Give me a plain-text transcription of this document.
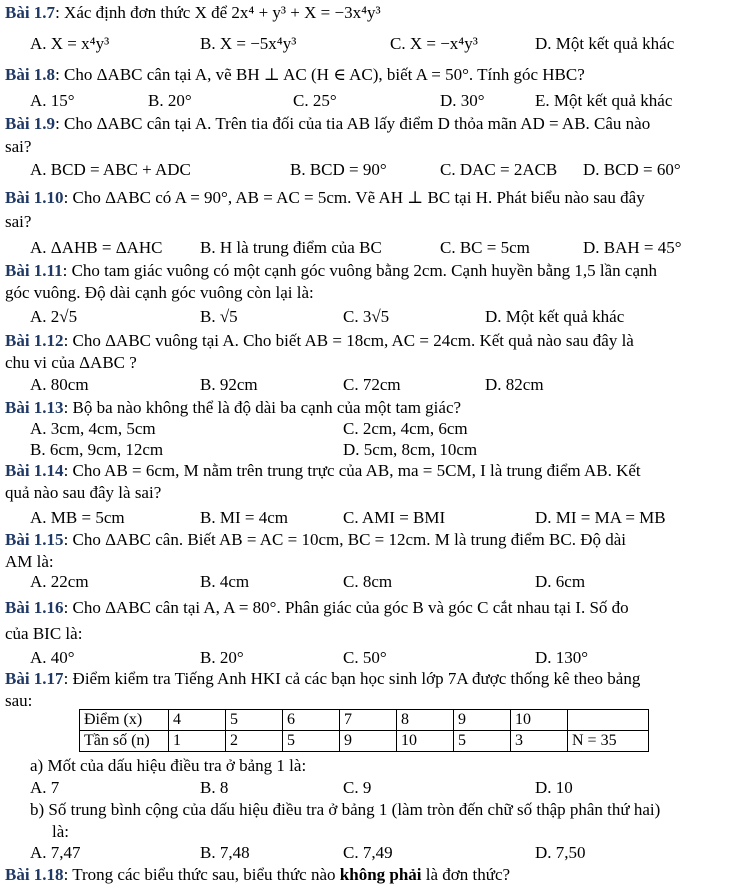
Bài 1.7: Xác định đơn thức X để 2x⁴ + y³ + X = −3x⁴y³
A. X = x⁴y³	B. X = −5x⁴y³	C. X = −x⁴y³	D. Một kết quả khác
Bài 1.8: Cho ΔABC cân tại A, vẽ BH ⊥ AC (H ∈ AC), biết A = 50°. Tính góc HBC?
A. 15°	B. 20°	C. 25°	D. 30°	E. Một kết quả khác
Bài 1.9: Cho ΔABC cân tại A. Trên tia đối của tia AB lấy điểm D thỏa mãn AD = AB. Câu nào
sai?
A. BCD = ABC + ADC	B. BCD = 90°	C. DAC = 2ACB D. BCD = 60°
Bài 1.10: Cho ΔABC có A = 90°, AB = AC = 5cm. Vẽ AH ⊥ BC tại H. Phát biểu nào sau đây
sai?
A. ΔAHB = ΔAHC B. H là trung điểm của BC	C. BC = 5cm	D. BAH = 45°
Bài 1.11: Cho tam giác vuông có một cạnh góc vuông bằng 2cm. Cạnh huyền bằng 1,5 lần cạnh
góc vuông. Độ dài cạnh góc vuông còn lại là:
A. 2√5	B. √5	C. 3√5	D. Một kết quả khác
Bài 1.12: Cho ΔABC vuông tại A. Cho biết AB = 18cm, AC = 24cm. Kết quả nào sau đây là
chu vi của ΔABC ?
A. 80cm	B. 92cm	C. 72cm	D. 82cm
Bài 1.13: Bộ ba nào không thể là độ dài ba cạnh của một tam giác?
A. 3cm, 4cm, 5cm	C. 2cm, 4cm, 6cm
B. 6cm, 9cm, 12cm	D. 5cm, 8cm, 10cm
Bài 1.14: Cho AB = 6cm, M nằm trên trung trực của AB, ma = 5CM, I là trung điểm AB. Kết
quả nào sau đây là sai?
A. MB = 5cm	B. MI = 4cm	C. AMI = BMI	D. MI = MA = MB
Bài 1.15: Cho ΔABC cân. Biết AB = AC = 10cm, BC = 12cm. M là trung điểm BC. Độ dài
AM là:
A. 22cm	B. 4cm	C. 8cm	D. 6cm
Bài 1.16: Cho ΔABC cân tại A, A = 80°. Phân giác của góc B và góc C cắt nhau tại I. Số đo
của BIC là:
A. 40°	B. 20°	C. 50°	D. 130°
Bài 1.17: Điểm kiểm tra Tiếng Anh HKI cả các bạn học sinh lớp 7A được thống kê theo bảng
sau:
Điểm (x)	4	5	6	7	8	9	10	
Tần số (n)	1	2	5	9	10	5	3	N = 35
a) Mốt của dấu hiệu điều tra ở bảng 1 là:
A. 7	B. 8	C. 9	D. 10
b) Số trung bình cộng của dấu hiệu điều tra ở bảng 1 (làm tròn đến chữ số thập phân thứ hai)
là:
A. 7,47	B. 7,48	C. 7,49	D. 7,50
Bài 1.18: Trong các biểu thức sau, biểu thức nào không phải là đơn thức?
